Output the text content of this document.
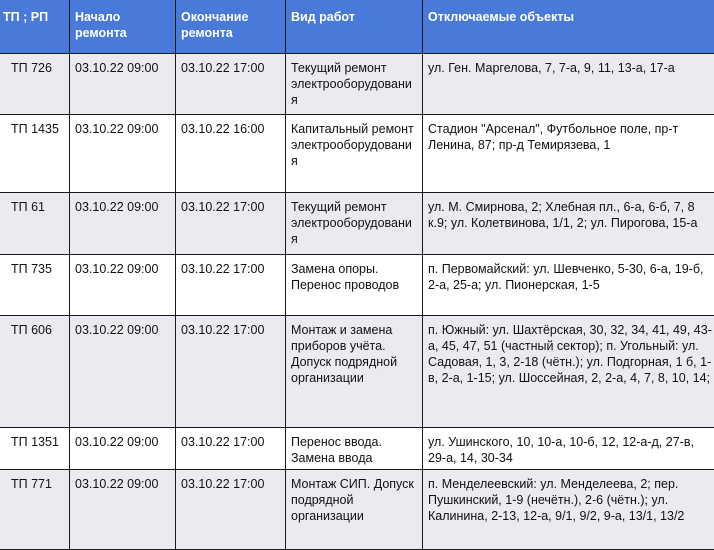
ТП ; РП	Начало ремонта	Окончание ремонта	Вид работ	Отключаемые объекты
ТП 726	03.10.22 09:00	03.10.22 17:00	Текущий ремонт электрооборудования	ул. Ген. Маргелова, 7, 7-а, 9, 11, 13-а, 17-а
ТП 1435	03.10.22 09:00	03.10.22 16:00	Капитальный ремонт электрооборудования	Стадион "Арсенал", Футбольное поле, пр-т Ленина, 87; пр-д Темирязева, 1
ТП 61	03.10.22 09:00	03.10.22 17:00	Текущий ремонт электрооборудования	ул. М. Смирнова, 2; Хлебная пл., 6-а, 6-б, 7, 8 к.9; ул. Колетвинова, 1/1, 2; ул. Пирогова, 15-а
ТП 735	03.10.22 09:00	03.10.22 17:00	Замена опоры. Перенос проводов	п. Первомайский: ул. Шевченко, 5-30, 6-а, 19-б, 2-а, 25-а; ул. Пионерская, 1-5
ТП 606	03.10.22 09:00	03.10.22 17:00	Монтаж и замена приборов учёта. Допуск подрядной организации	п. Южный: ул. Шахтёрская, 30, 32, 34, 41, 49, 43-а, 45, 47, 51 (частный сектор); п. Угольный: ул. Садовая, 1, 3, 2-18 (чётн.); ул. Подгорная, 1 б, 1-в, 2-а, 1-15; ул. Шоссейная, 2, 2-а, 4, 7, 8, 10, 14;
ТП 1351	03.10.22 09:00	03.10.22 17:00	Перенос ввода. Замена ввода	ул. Ушинского, 10, 10-а, 10-б, 12, 12-а-д, 27-в, 29-а, 14, 30-34
ТП 771	03.10.22 09:00	03.10.22 17:00	Монтаж СИП. Допуск подрядной организации	п. Менделеевский: ул. Менделеева, 2; пер. Пушкинский, 1-9 (нечётн.), 2-6 (чётн.); ул. Калинина, 2-13, 12-а, 9/1, 9/2, 9-а, 13/1, 13/2
